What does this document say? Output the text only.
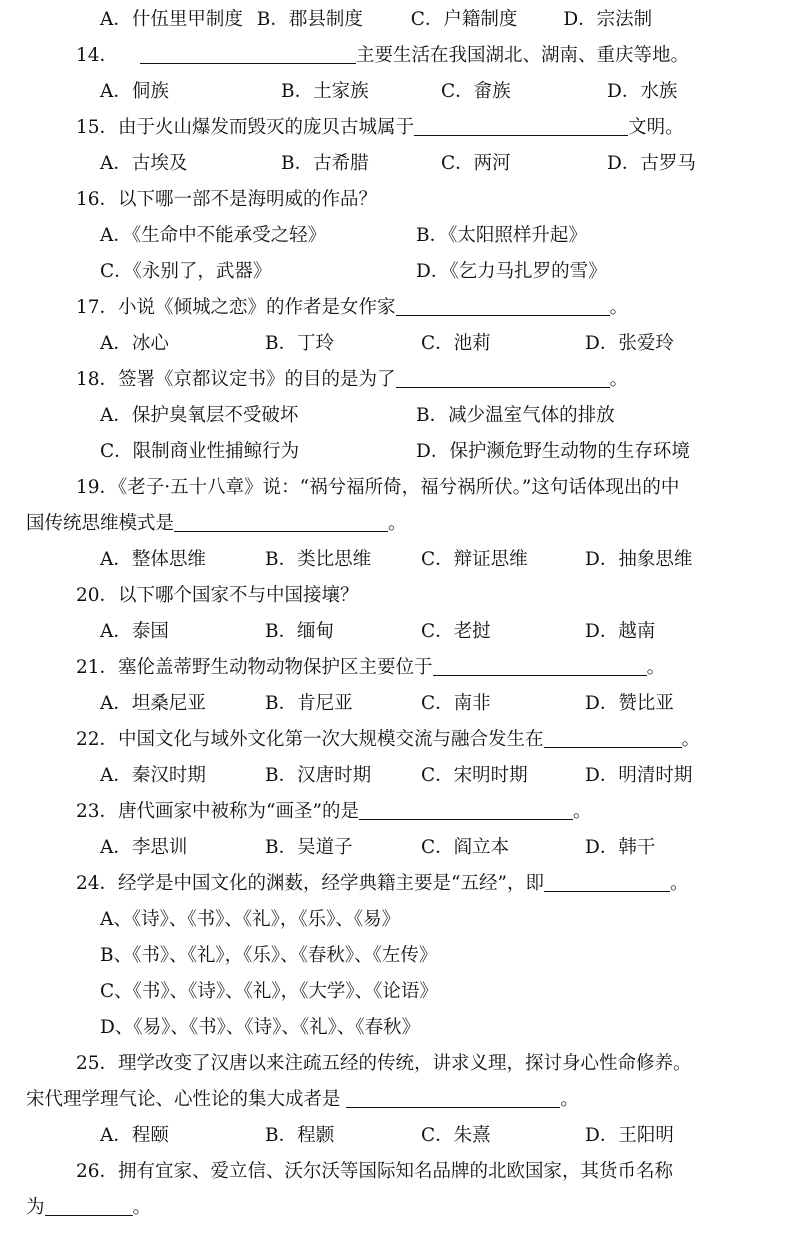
A．什伍里甲制度 B．郡县制度	C．户籍制度 D．宗法制
14．	主要生活在我国湖北、湖南、重庆等地。
A．侗族	B．土家族	C．畲族	D．水族
15．由于火山爆发而毁灭的庞贝古城属于	文明。
A．古埃及	B．古希腊	C．两河	D．古罗马
16．以下哪一部不是海明威的作品？
A．《生命中不能承受之轻》	B．《太阳照样升起》
C．《永别了，武器》	D．《乞力马扎罗的雪》
17．小说《倾城之恋》的作者是女作家	。
A．冰心	B．丁玲	C．池莉	D．张爱玲
18．签署《京都议定书》的目的是为了	。
A．保护臭氧层不受破坏	B．减少温室气体的排放
C．限制商业性捕鲸行为	D．保护濒危野生动物的生存环境
19．《老子·五十八章》说：“祸兮福所倚，福兮祸所伏。”这句话体现出的中
国传统思维模式是	。
A．整体思维	B．类比思维	C．辩证思维	D．抽象思维
20．以下哪个国家不与中国接壤？
A．泰国	B．缅甸	C．老挝	D．越南
21．塞伦盖蒂野生动物动物保护区主要位于	。
A．坦桑尼亚	B．肯尼亚	C．南非	D．赞比亚
22．中国文化与域外文化第一次大规模交流与融合发生在	。
A．秦汉时期	B．汉唐时期	C．宋明时期	D．明清时期
23．唐代画家中被称为“画圣”的是	。
A．李思训	B．吴道子	C．阎立本	D．韩干
24．经学是中国文化的渊薮，经学典籍主要是“五经”，即	。
A、《诗》、《书》、《礼》，《乐》、《易》
B、《书》、《礼》，《乐》、《春秋》、《左传》
C、《书》、《诗》、《礼》，《大学》、《论语》
D、《易》、《书》、《诗》、《礼》、《春秋》
25．理学改变了汉唐以来注疏五经的传统，讲求义理，探讨身心性命修养。
宋代理学理气论、心性论的集大成者是	。
A．程颐	B．程颢	C．朱熹	D．王阳明
26．拥有宜家、爱立信、沃尔沃等国际知名品牌的北欧国家，其货币名称
为	。
